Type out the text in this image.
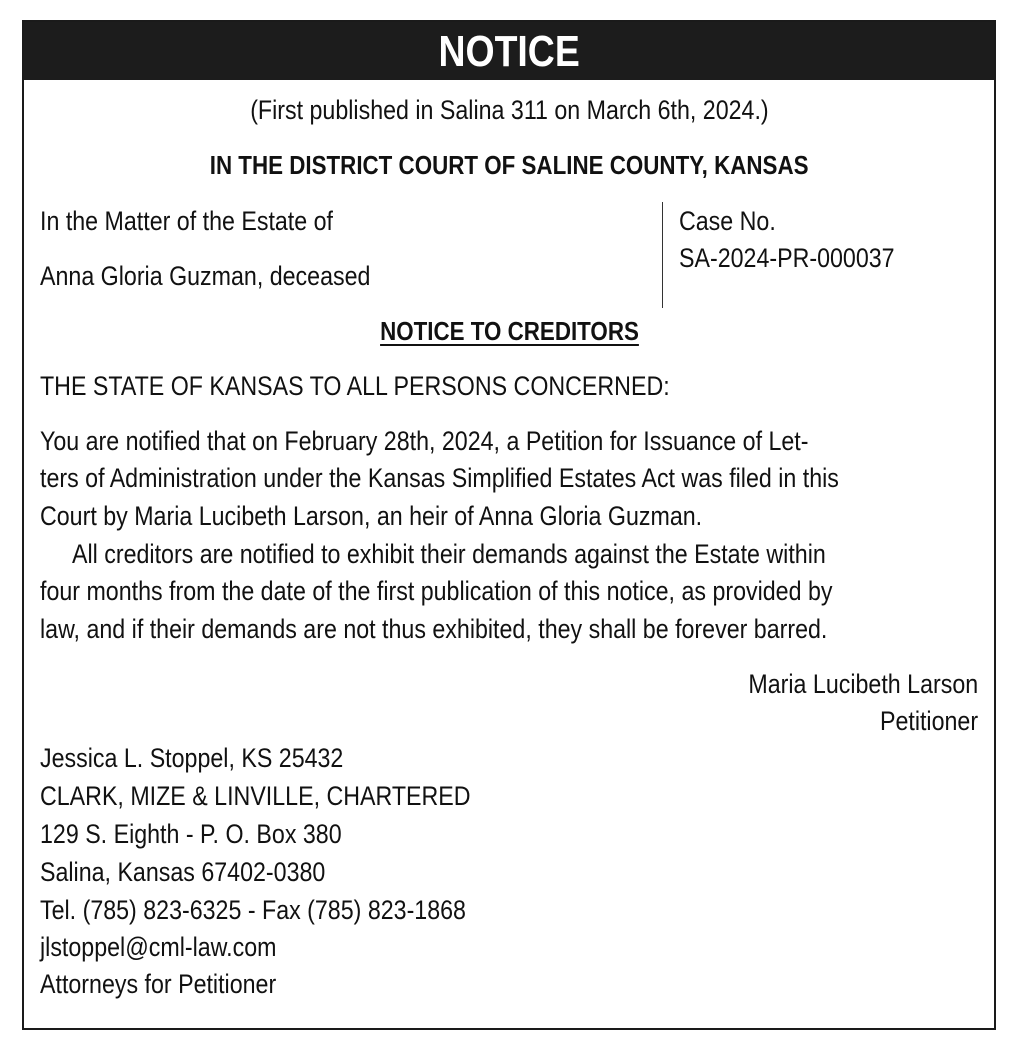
NOTICE
(First published in Salina 311 on March 6th, 2024.)
IN THE DISTRICT COURT OF SALINE COUNTY, KANSAS
In the Matter of the Estate of
Anna Gloria Guzman, deceased
Case No.
SA-2024-PR-000037
NOTICE TO CREDITORS
THE STATE OF KANSAS TO ALL PERSONS CONCERNED:
You are notified that on February 28th, 2024, a Petition for Issuance of Let-
ters of Administration under the Kansas Simplified Estates Act was filed in this
Court by Maria Lucibeth Larson, an heir of Anna Gloria Guzman.
All creditors are notified to exhibit their demands against the Estate within
four months from the date of the first publication of this notice, as provided by
law, and if their demands are not thus exhibited, they shall be forever barred.
Maria Lucibeth Larson
Petitioner
Jessica L. Stoppel, KS 25432
CLARK, MIZE & LINVILLE, CHARTERED
129 S. Eighth - P. O. Box 380
Salina, Kansas 67402-0380
Tel. (785) 823-6325 - Fax (785) 823-1868
jlstoppel@cml-law.com
Attorneys for Petitioner
